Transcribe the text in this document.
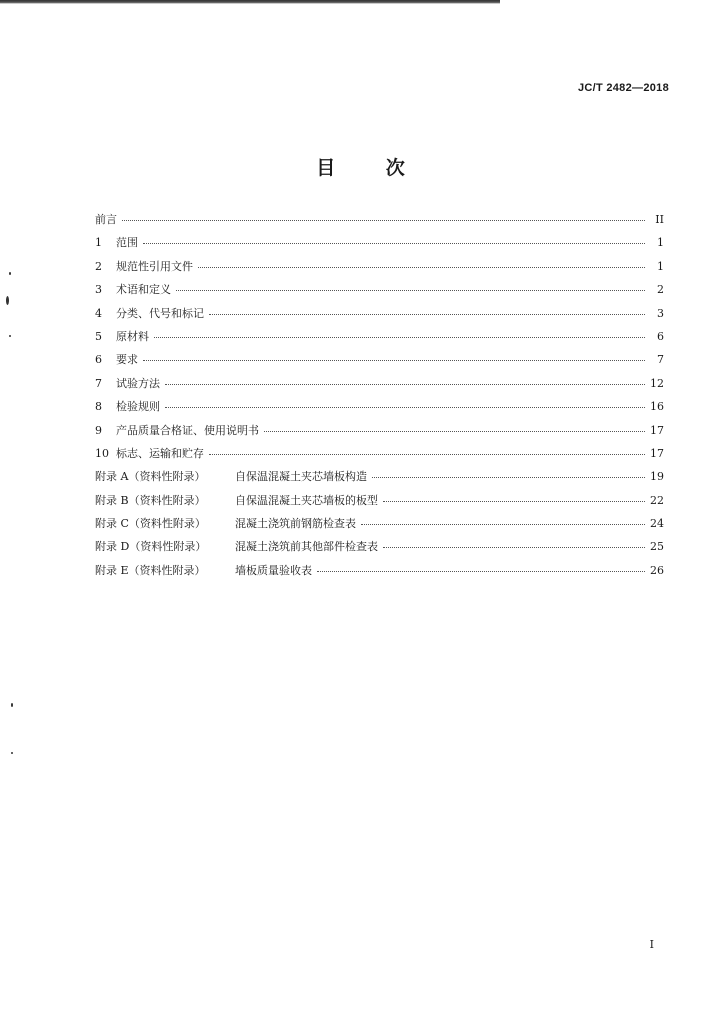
JC/T 2482—2018
目 次
前言	II
1 范围	1
2 规范性引用文件	1
3 术语和定义	2
4 分类、代号和标记	3
5 原材料	6
6 要求	7
7 试验方法	12
8 检验规则	16
9 产品质量合格证、使用说明书	17
10 标志、运输和贮存	17
附录 A（资料性附录）	自保温混凝土夹芯墙板构造	19
附录 B（资料性附录）	自保温混凝土夹芯墙板的板型	22
附录 C（资料性附录）	混凝土浇筑前钢筋检查表	24
附录 D（资料性附录）	混凝土浇筑前其他部件检查表	25
附录 E（资料性附录）	墙板质量验收表	26
I
